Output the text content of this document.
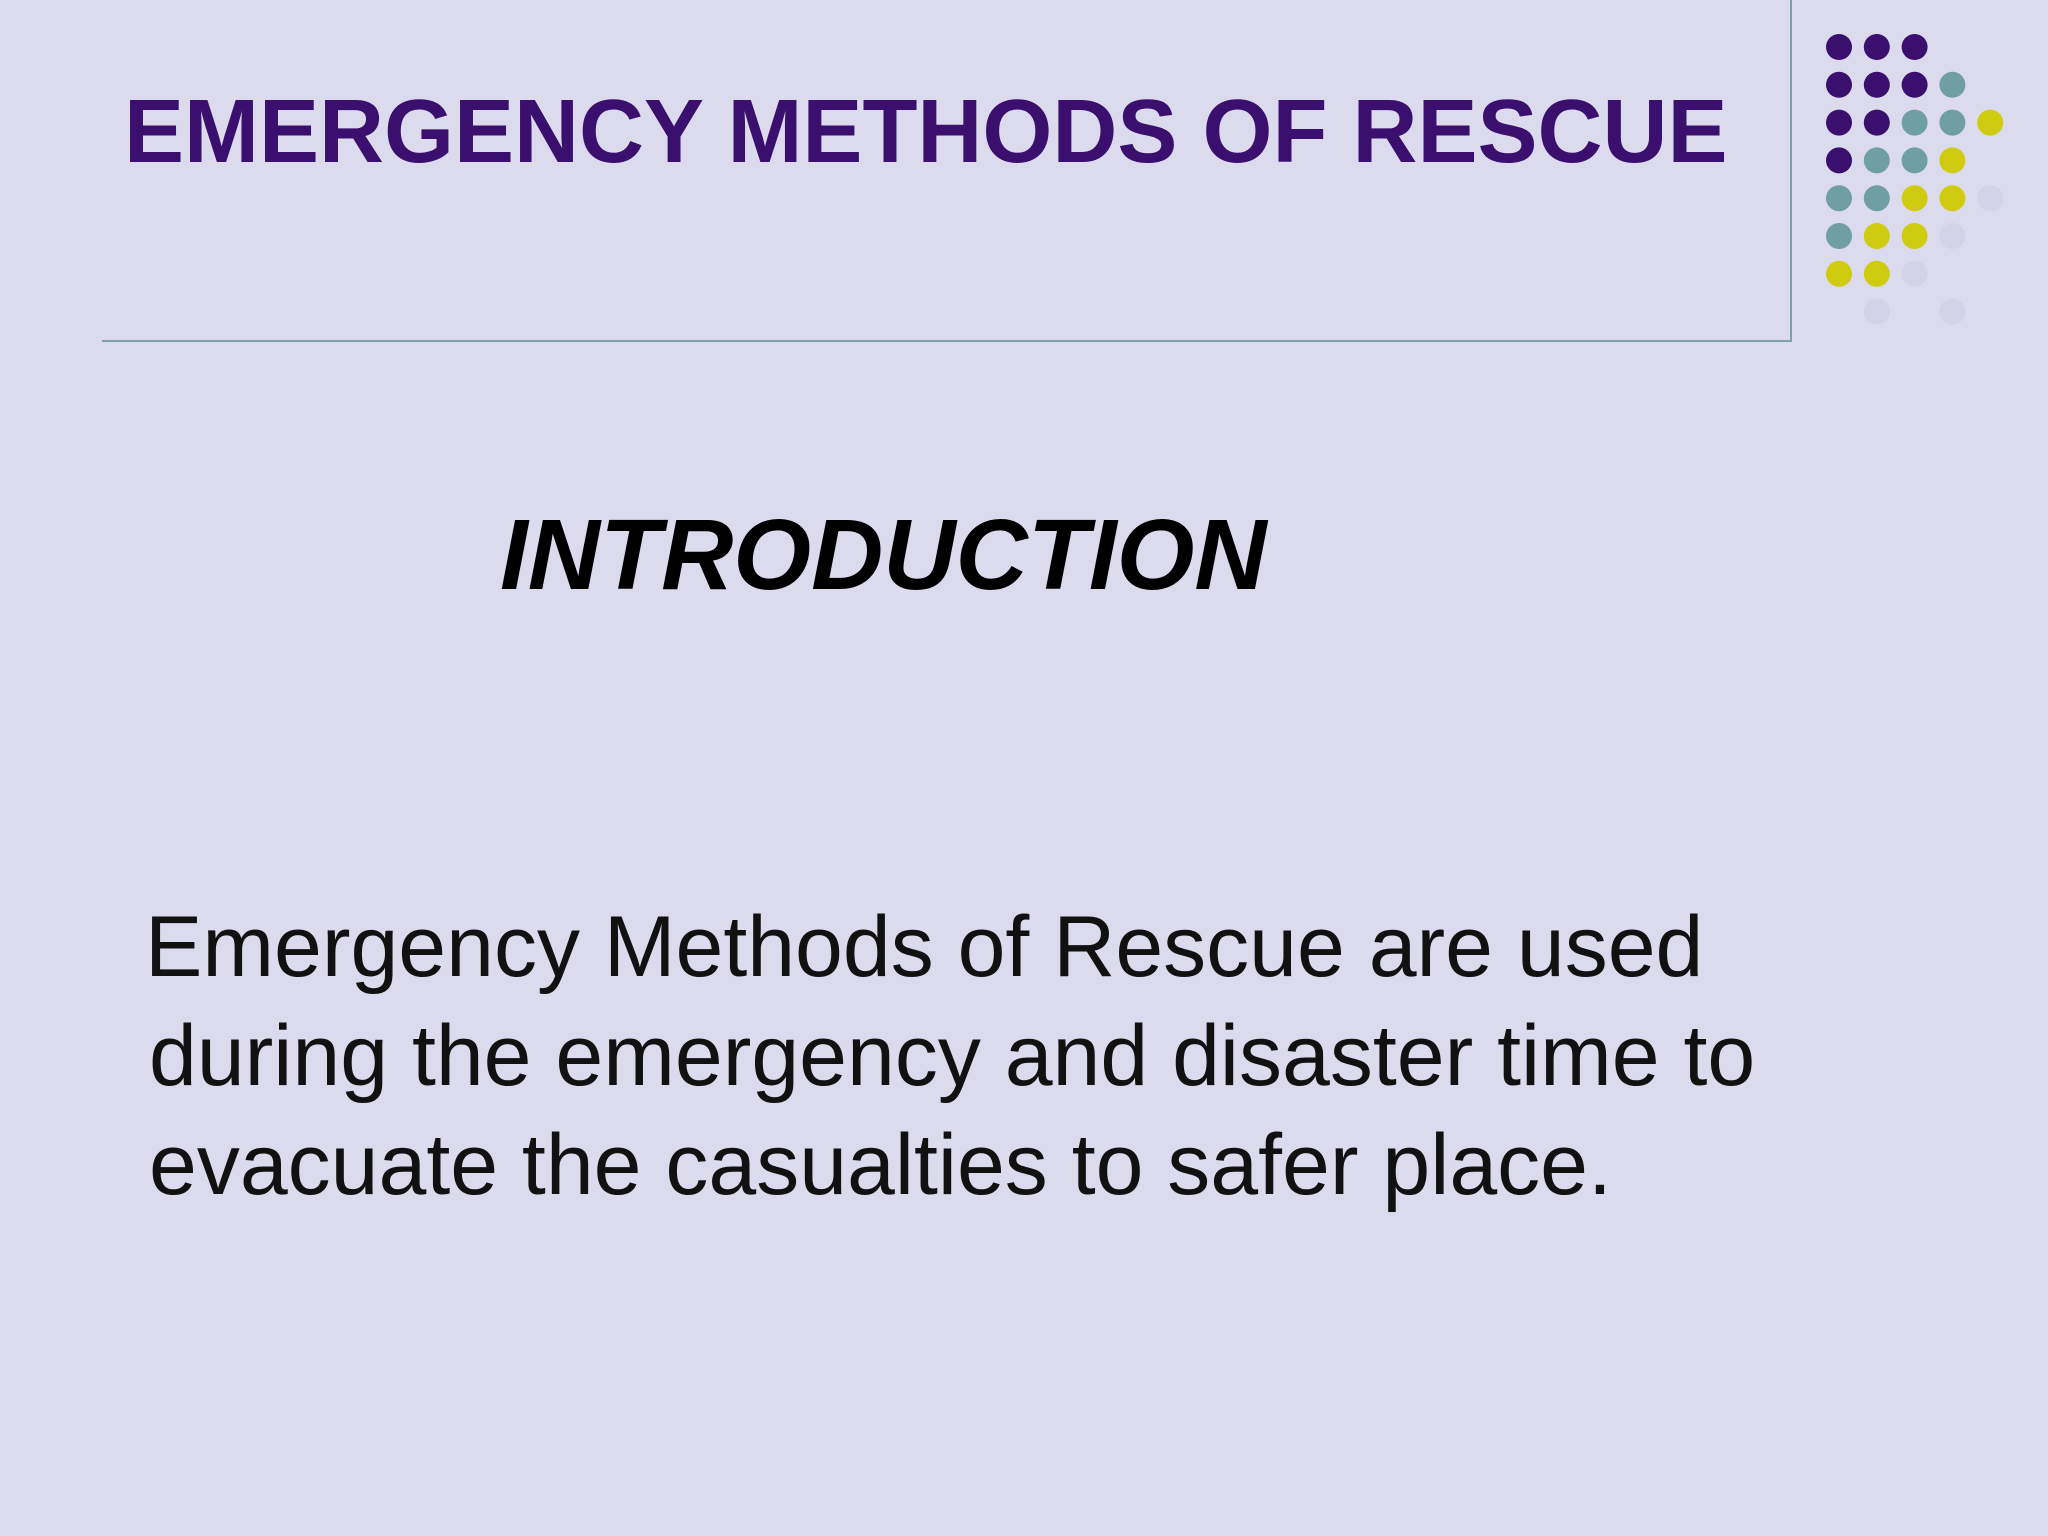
EMERGENCY METHODS OF RESCUE
INTRODUCTION

Emergency Methods of Rescue are used
during the emergency and disaster time to
evacuate the casualties to safer place.
